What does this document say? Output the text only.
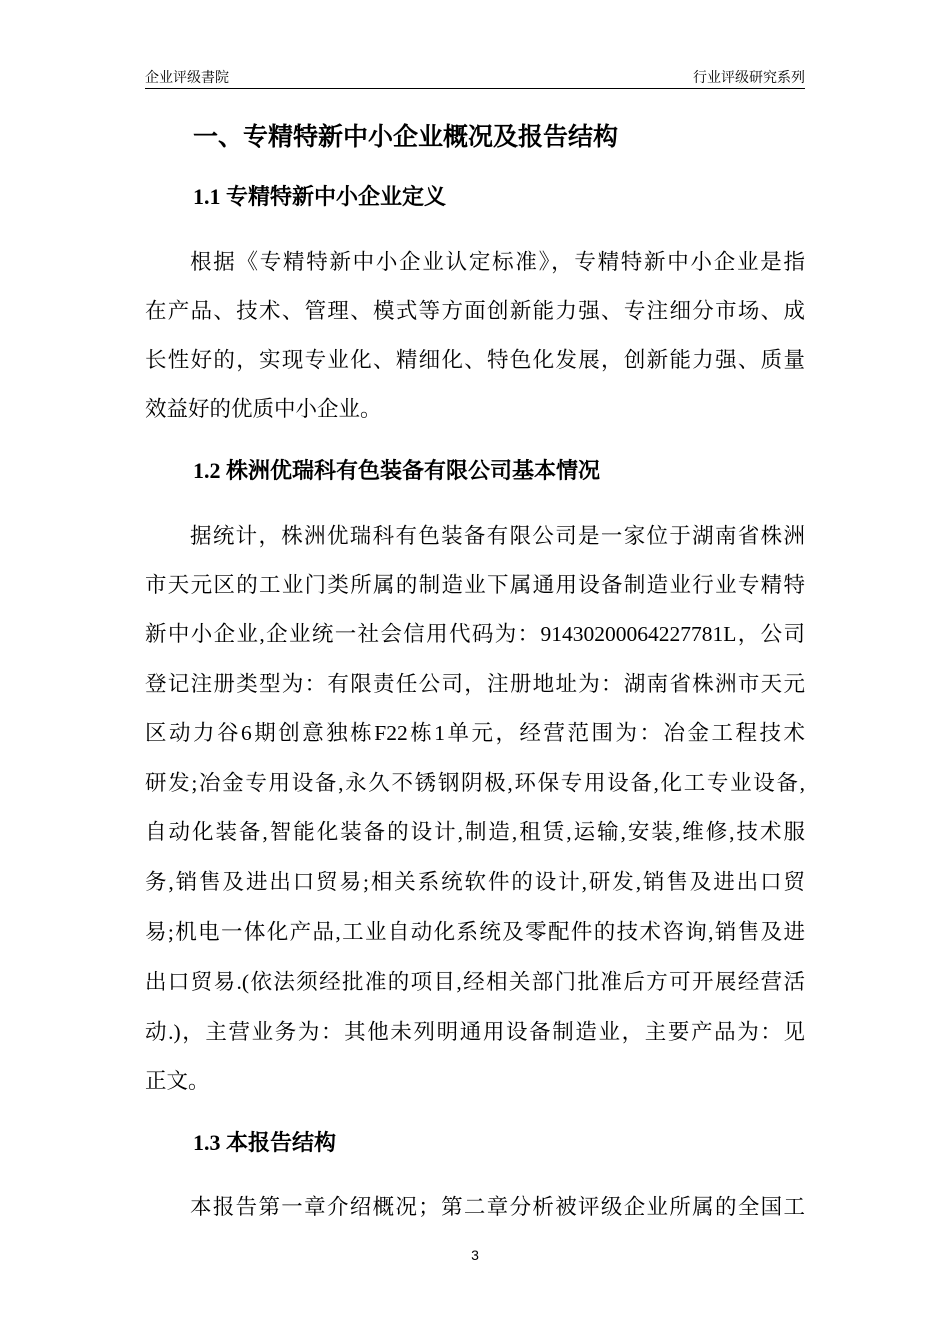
企业评级書院	行业评级研究系列
一、专精特新中小企业概况及报告结构
1.1 专精特新中小企业定义
根据《专精特新中小企业认定标准》，专精特新中小企业是指
在产品、技术、管理、模式等方面创新能力强、专注细分市场、成
长性好的，实现专业化、精细化、特色化发展，创新能力强、质量
效益好的优质中小企业。
1.2 株洲优瑞科有色装备有限公司基本情况
据统计，株洲优瑞科有色装备有限公司是一家位于湖南省株洲
市天元区的工业门类所属的制造业下属通用设备制造业行业专精特
新中小企业,企业统一社会信用代码为：91430200064227781L，公司
登记注册类型为：有限责任公司，注册地址为：湖南省株洲市天元
区动力谷6期创意独栋F22栋1单元，经营范围为：冶金工程技术
研发;冶金专用设备,永久不锈钢阴极,环保专用设备,化工专业设备,
自动化装备,智能化装备的设计,制造,租赁,运输,安装,维修,技术服
务,销售及进出口贸易;相关系统软件的设计,研发,销售及进出口贸
易;机电一体化产品,工业自动化系统及零配件的技术咨询,销售及进
出口贸易.(依法须经批准的项目,经相关部门批准后方可开展经营活
动.)，主营业务为：其他未列明通用设备制造业，主要产品为：见
正文。
1.3 本报告结构
本报告第一章介绍概况；第二章分析被评级企业所属的全国工
3
